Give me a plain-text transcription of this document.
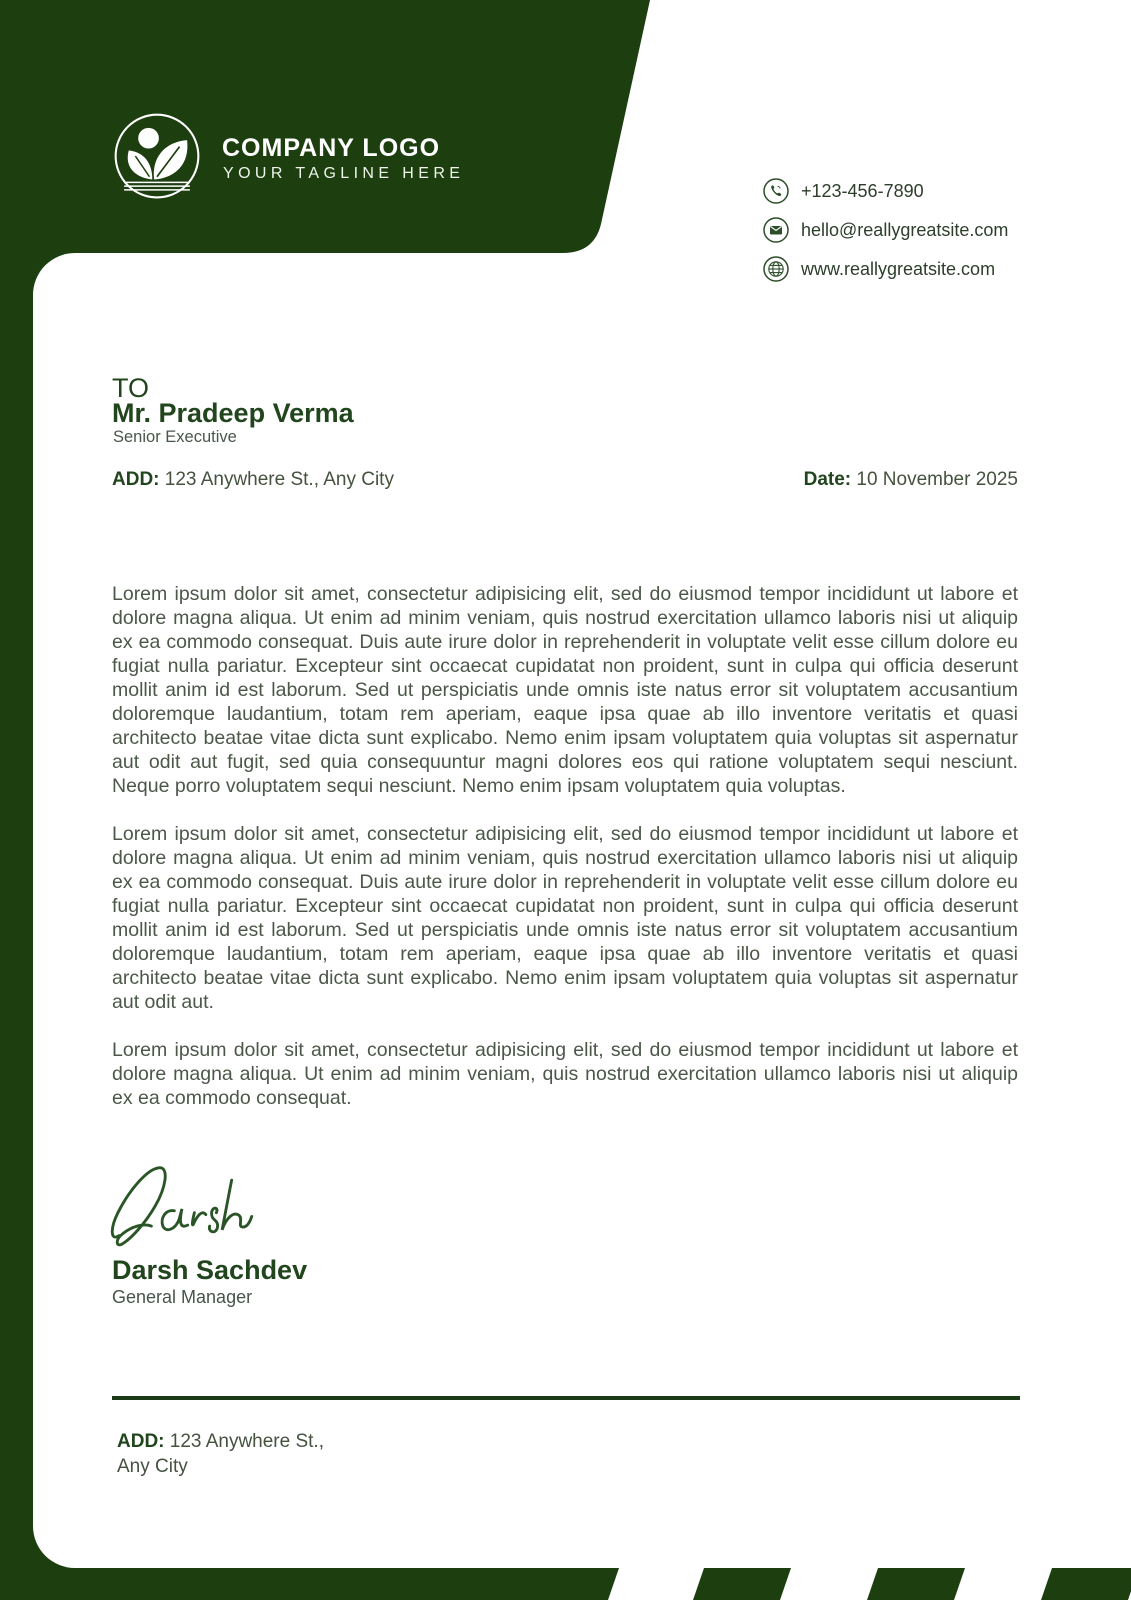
COMPANY LOGO
YOUR TAGLINE HERE
+123-456-7890
hello@reallygreatsite.com
www.reallygreatsite.com
TO
Mr. Pradeep Verma
Senior Executive
ADD: 123 Anywhere St., Any City	Date: 10 November 2025

Lorem ipsum dolor sit amet, consectetur adipisicing elit, sed do eiusmod tempor incididunt ut labore et dolore magna aliqua. Ut enim ad minim veniam, quis nostrud exercitation ullamco laboris nisi ut aliquip ex ea commodo consequat. Duis aute irure dolor in reprehenderit in voluptate velit esse cillum dolore eu fugiat nulla pariatur. Excepteur sint occaecat cupidatat non proident, sunt in culpa qui officia deserunt mollit anim id est laborum. Sed ut perspiciatis unde omnis iste natus error sit voluptatem accusantium doloremque laudantium, totam rem aperiam, eaque ipsa quae ab illo inventore veritatis et quasi architecto beatae vitae dicta sunt explicabo. Nemo enim ipsam voluptatem quia voluptas sit aspernatur aut odit aut fugit, sed quia consequuntur magni dolores eos qui ratione voluptatem sequi nesciunt. Neque porro voluptatem sequi nesciunt. Nemo enim ipsam voluptatem quia voluptas.

Lorem ipsum dolor sit amet, consectetur adipisicing elit, sed do eiusmod tempor incididunt ut labore et dolore magna aliqua. Ut enim ad minim veniam, quis nostrud exercitation ullamco laboris nisi ut aliquip ex ea commodo consequat. Duis aute irure dolor in reprehenderit in voluptate velit esse cillum dolore eu fugiat nulla pariatur. Excepteur sint occaecat cupidatat non proident, sunt in culpa qui officia deserunt mollit anim id est laborum. Sed ut perspiciatis unde omnis iste natus error sit voluptatem accusantium doloremque laudantium, totam rem aperiam, eaque ipsa quae ab illo inventore veritatis et quasi architecto beatae vitae dicta sunt explicabo. Nemo enim ipsam voluptatem quia voluptas sit aspernatur aut odit aut.

Lorem ipsum dolor sit amet, consectetur adipisicing elit, sed do eiusmod tempor incididunt ut labore et dolore magna aliqua. Ut enim ad minim veniam, quis nostrud exercitation ullamco laboris nisi ut aliquip ex ea commodo consequat.

Darsh Sachdev
General Manager
ADD: 123 Anywhere St.,
Any City
